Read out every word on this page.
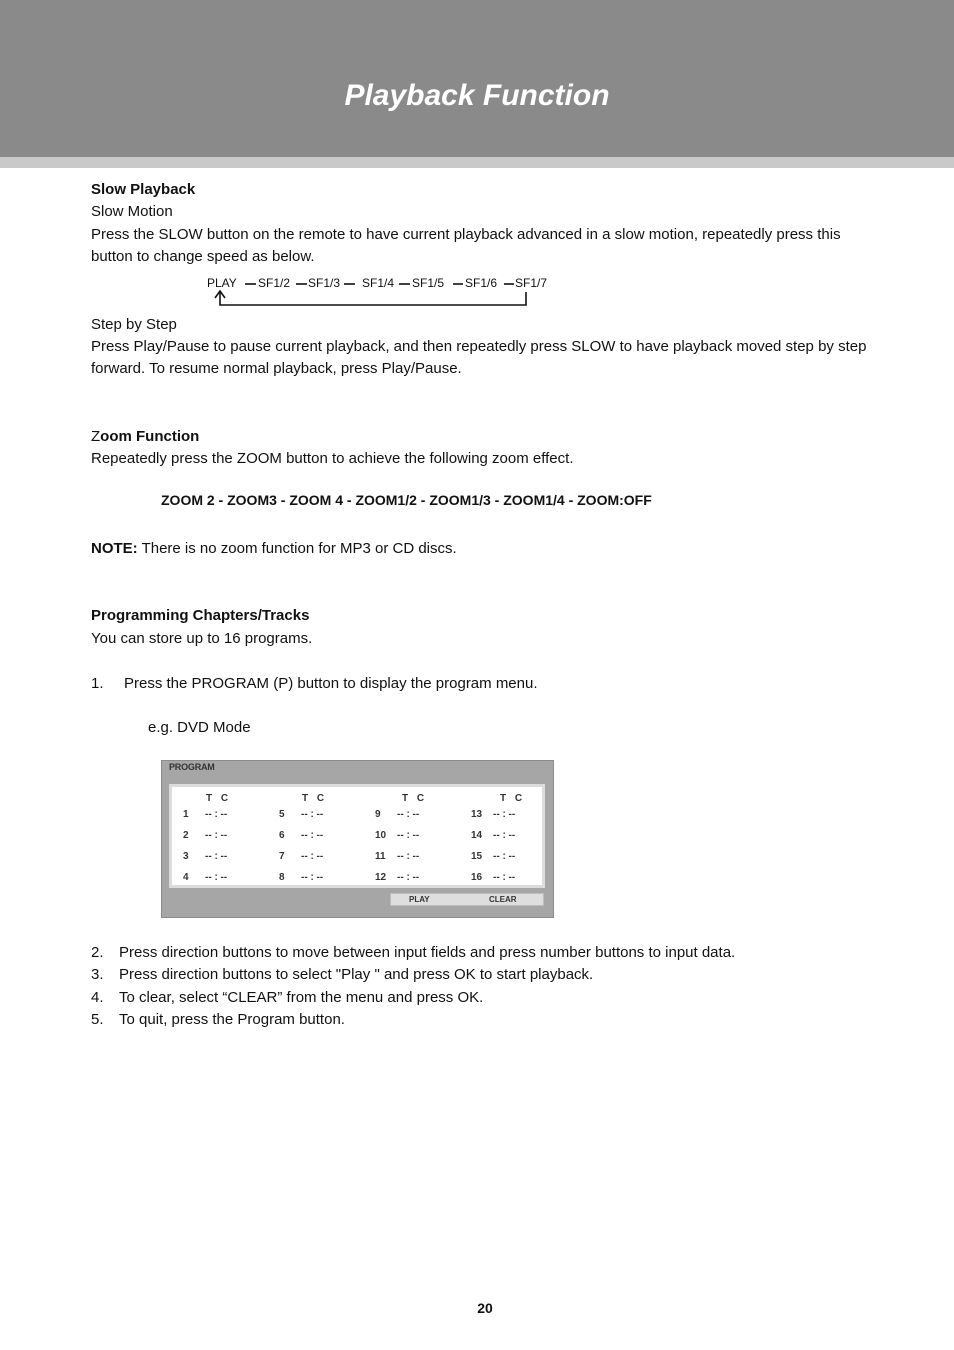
Playback Function

Slow Playback

Slow Motion

Press the SLOW button on the remote to have current playback advanced in a slow motion, repeatedly press this button to change speed as below.

PLAY SF1/2 SF1/3 SF1/4 SF1/5 SF1/6 SF1/7

Step by Step

Press Play/Pause to pause current playback, and then repeatedly press SLOW to have playback moved step by step forward. To resume normal playback, press Play/Pause.

Zoom Function

Repeatedly press the ZOOM button to achieve the following zoom effect.

ZOOM 2 - ZOOM3 - ZOOM 4 - ZOOM1/2 - ZOOM1/3 - ZOOM1/4 - ZOOM:OFF

NOTE: There is no zoom function for MP3 or CD discs.

Programming Chapters/Tracks

You can store up to 16 programs.

1. Press the PROGRAM (P) button to display the program menu.

e.g. DVD Mode

PROGRAM
T C
1 -- : --
2 -- : --
3 -- : --
4 -- : --
T C
5 -- : --
6 -- : --
7 -- : --
8 -- : --
T C
9 -- : --
10 -- : --
11 -- : --
12 -- : --
T C
13 -- : --
14 -- : --
15 -- : --
16 -- : --
PLAY	CLEAR

2. Press direction buttons to move between input fields and press number buttons to input data.

3. Press direction buttons to select "Play " and press OK to start playback.

4. To clear, select “CLEAR” from the menu and press OK.

5. To quit, press the Program button.

20
